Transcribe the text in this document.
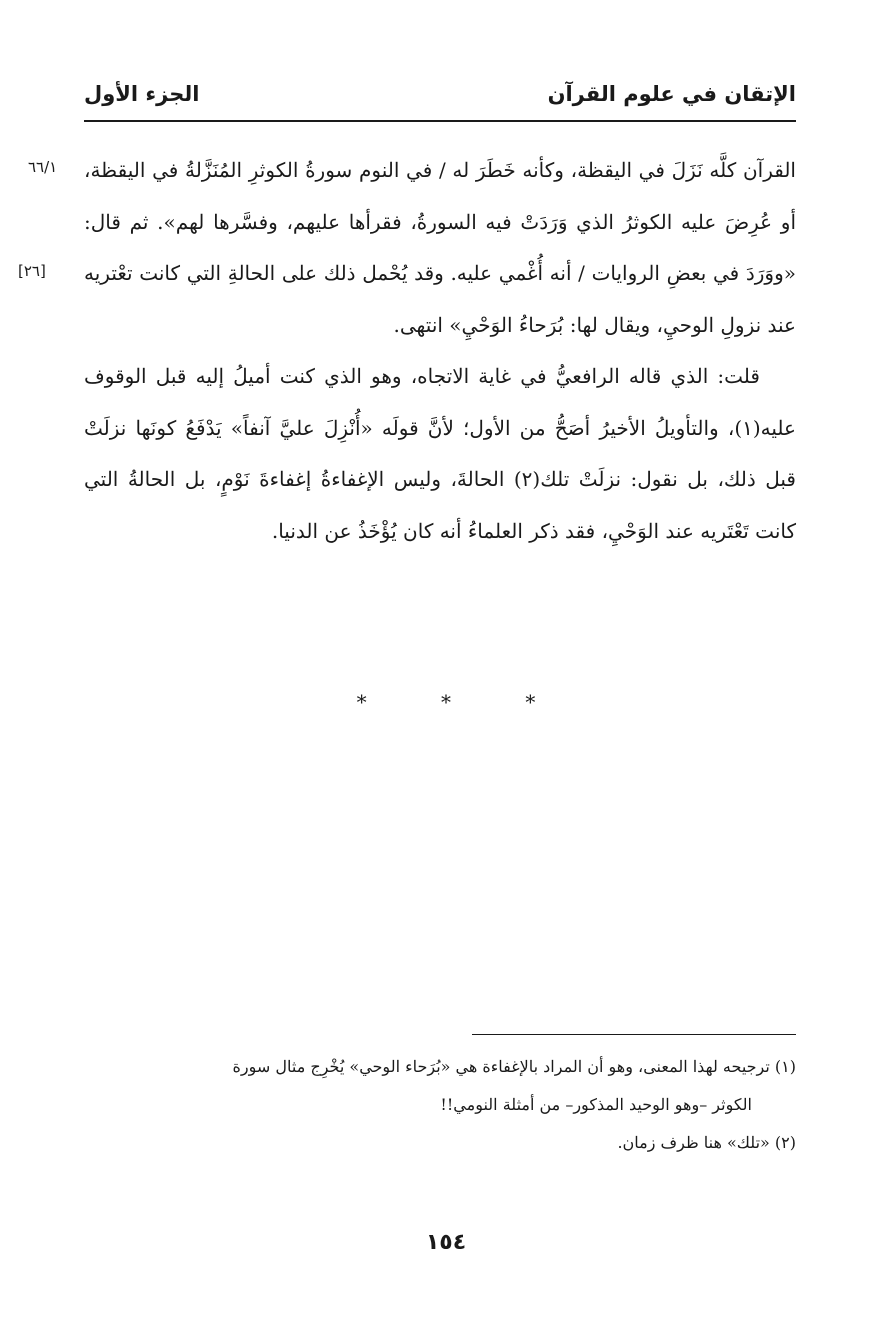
الإتقان في علوم القرآن
الجزء الأول
٦٦/١
[٢٦]

القرآن كلَّه نَزَلَ في اليقظة، وكأنه خَطَرَ له / في النوم سورةُ الكوثرِ المُنَزَّلةُ في اليقظة، أو عُرِضَ عليه الكوثرُ الذي وَرَدَتْ فيه السورةُ، فقرأها عليهم، وفسَّرها لهم». ثم قال: «ووَرَدَ في بعضِ الروايات / أنه أُغْمي عليه. وقد يُحْمل ذلك على الحالةِ التي كانت تعْتريه عند نزولِ الوحيِ، ويقال لها: بُرَحاءُ الوَحْيِ» انتهى.

قلت: الذي قاله الرافعيُّ في غاية الاتجاه، وهو الذي كنت أميلُ إليه قبل الوقوف عليه(١)، والتأويلُ الأخيرُ أصَحُّ من الأول؛ لأنَّ قولَه «أُنْزِلَ عليَّ آنفاً» يَدْفَعُ كونَها نزلَتْ قبل ذلك، بل نقول: نزلَتْ تلك(٢) الحالةَ، وليس الإغفاءةُ إغفاءةَ نَوْمٍ، بل الحالةُ التي كانت تَعْتَريه عند الوَحْيِ، فقد ذكر العلماءُ أنه كان يُؤْخَذُ عن الدنيا.

* * *

(١) ترجيحه لهذا المعنى، وهو أن المراد بالإغفاءة هي «بُرَحاء الوحي» يُخْرِج مثال سورة

الكوثر –وهو الوحيد المذكور– من أمثلة النومي!!

(٢) «تلك» هنا ظرف زمان.

١٥٤
